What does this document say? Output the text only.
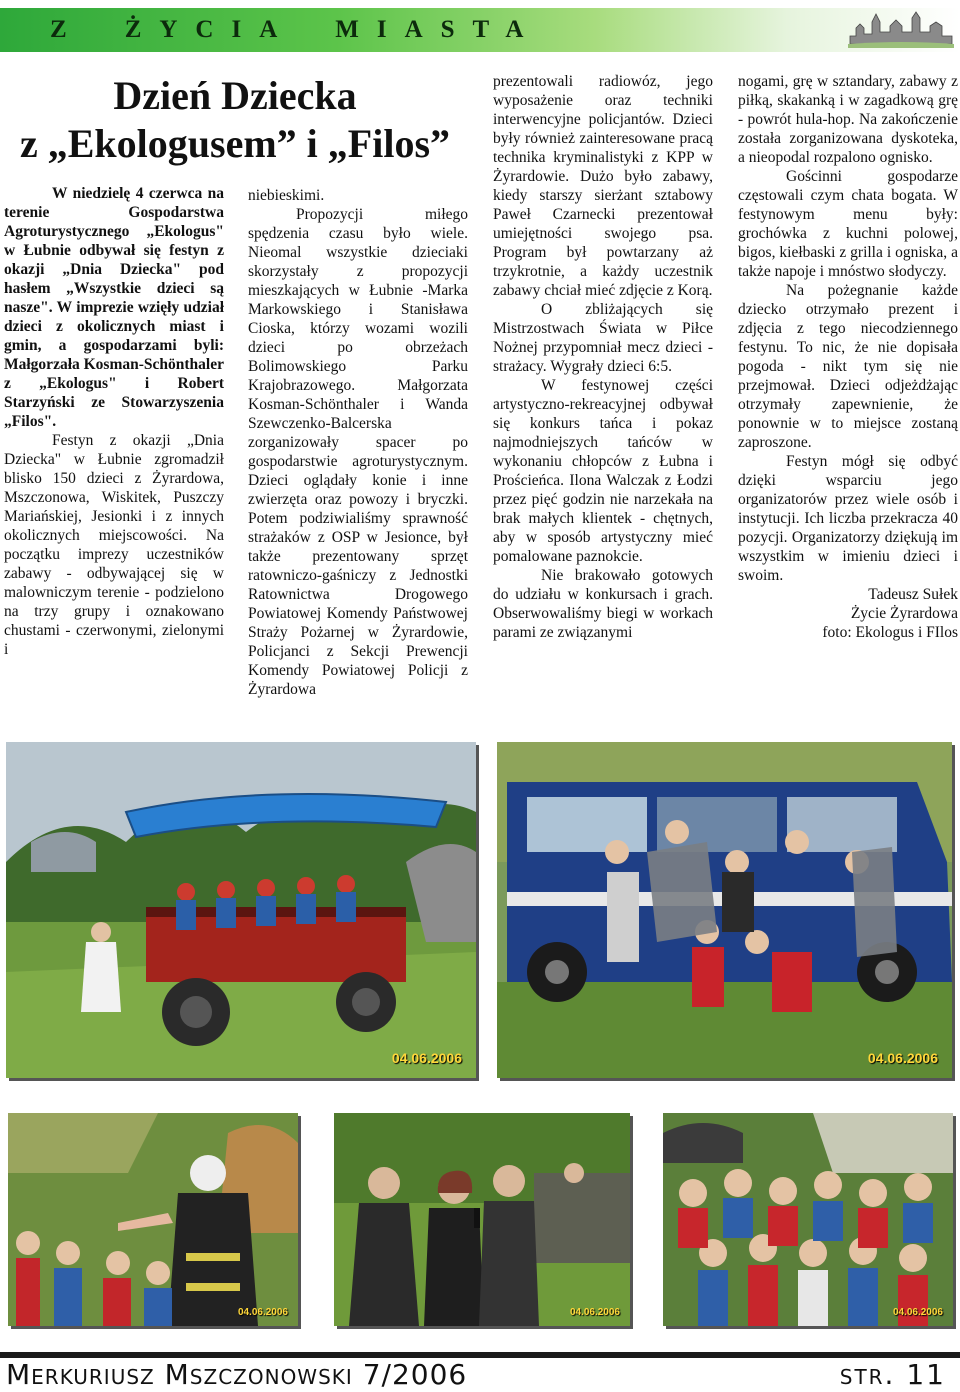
Z ŻYCIA MIASTA
Dzień Dziecka
z „Ekologusem” i „Filos”

W niedzielę 4 czerwca na terenie Gospodarstwa Agroturystycznego „Ekologus" w Łubnie odbywał się festyn z okazji „Dnia Dziecka" pod hasłem „Wszystkie dzieci są nasze". W imprezie wzięły udział dzieci z okolicznych miast i gmin, a gospodarzami byli: Małgorzała Kosman-Schönthaler z „Ekologus" i Robert Starzyński ze Stowarzyszenia „Filos".

Festyn z okazji „Dnia Dziecka" w Łubnie zgromadził blisko 150 dzieci z Żyrardowa, Mszczonowa, Wiskitek, Puszczy Mariańskiej, Jesionki i z innych okolicznych miejscowości. Na początku imprezy uczestników zabawy - odbywającej się w malowniczym terenie - podzielono na trzy grupy i oznakowano chustami - czerwonymi, zielonymi i

niebieskimi.

Propozycji miłego spędzenia czasu było wiele. Nieomal wszystkie dzieciaki skorzystały z propozycji mieszkających w Łubnie -Marka Markowskiego i Stanisława Cioska, którzy wozami wozili dzieci po obrzeżach Bolimowskiego Parku Krajobrazowego. Małgorzata Kosman-Schönthaler i Wanda Szewczenko-Balcerska zorganizowały spacer po gospodarstwie agroturystycznym. Dzieci oglądały konie i inne zwierzęta oraz powozy i bryczki. Potem podziwialiśmy sprawność strażaków z OSP w Jesionce, był także prezentowany sprzęt ratowniczo-gaśniczy z Jednostki Ratownictwa Drogowego Powiatowej Komendy Państwowej Straży Pożarnej w Żyrardowie, Policjanci z Sekcji Prewencji Komendy Powiatowej Policji z Żyrardowa

prezentowali radiowóz, jego wyposażenie oraz techniki interwencyjne policjantów. Dzieci były również zainteresowane pracą technika kryminalistyki z KPP w Żyrardowie. Dużo było zabawy, kiedy starszy sierżant sztabowy Paweł Czarnecki prezentował umiejętności swojego psa. Program był powtarzany aż trzykrotnie, a każdy uczestnik zabawy chciał mieć zdjęcie z Korą.

O zbliżających się Mistrzostwach Świata w Piłce Nożnej przypomniał mecz dzieci - strażacy. Wygrały dzieci 6:5.

W festynowej części artystyczno-rekreacyjnej odbywał się konkurs tańca i pokaz najmodniejszych tańców w wykonaniu chłopców z Łubna i Prościeńca. Ilona Walczak z Łodzi przez pięć godzin nie narzekała na brak małych klientek - chętnych, aby w sposób artystyczny mieć pomalowane paznokcie.

Nie brakowało gotowych do udziału w konkursach i grach. Obserwowaliśmy biegi w workach parami ze związanymi

nogami, grę w sztandary, zabawy z piłką, skakanką i w zagadkową grę - powrót hula-hop. Na zakończenie została zorganizowana dyskoteka, a nieopodal rozpalono ognisko.

Gościnni gospodarze częstowali czym chata bogata. W festynowym menu były: grochówka z kuchni polowej, bigos, kiełbaski z grilla i ogniska, a także napoje i mnóstwo słodyczy.

Na pożegnanie każde dziecko otrzymało prezent i zdjęcia z tego niecodziennego festynu. To nic, że nie dopisała pogoda - nikt tym się nie przejmował. Dzieci odjeżdżając otrzymały zapewnienie, że ponownie w to miejsce zostaną zaproszone.

Festyn mógł się odbyć dzięki wsparciu jego organizatorów przez wiele osób i instytucji. Ich liczba przekracza 40 pozycji. Organizatorzy dziękują im wszystkim w imieniu dzieci i swoim.

Tadeusz Sułek

Życie Żyrardowa

foto: Ekologus i FIlos

04.06.2006	04.06.2006
04.06.2006	04.06.2006	04.06.2006

Merkuriusz Mszczonowski 7/2006	str. 11
